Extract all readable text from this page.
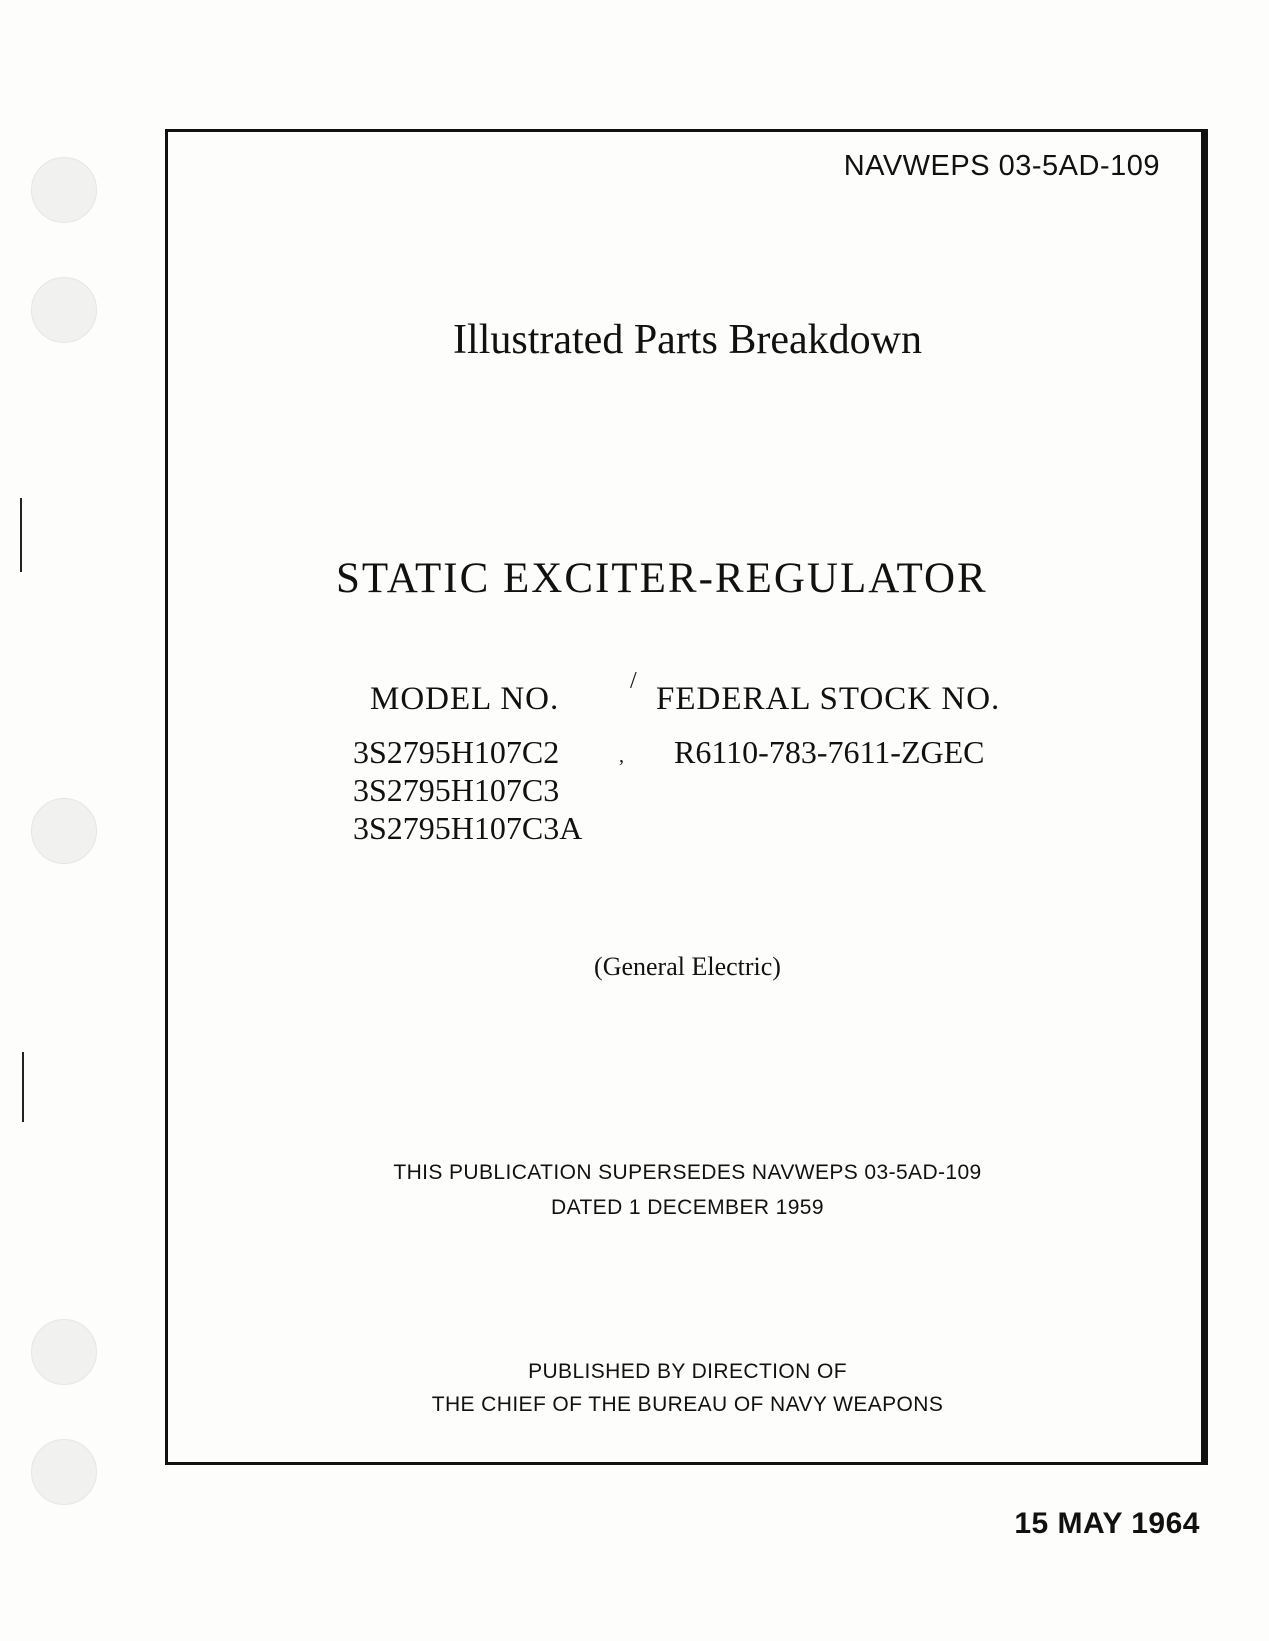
NAVWEPS 03-5AD-109
Illustrated Parts Breakdown
STATIC EXCITER-REGULATOR
MODEL NO.	/ FEDERAL STOCK NO.
3S2795H107C2
3S2795H107C3
3S2795H107C3A
, R6110-783-7611-ZGEC
(General Electric)
THIS PUBLICATION SUPERSEDES NAVWEPS 03-5AD-109
DATED 1 DECEMBER 1959
PUBLISHED BY DIRECTION OF
THE CHIEF OF THE BUREAU OF NAVY WEAPONS
15 MAY 1964
